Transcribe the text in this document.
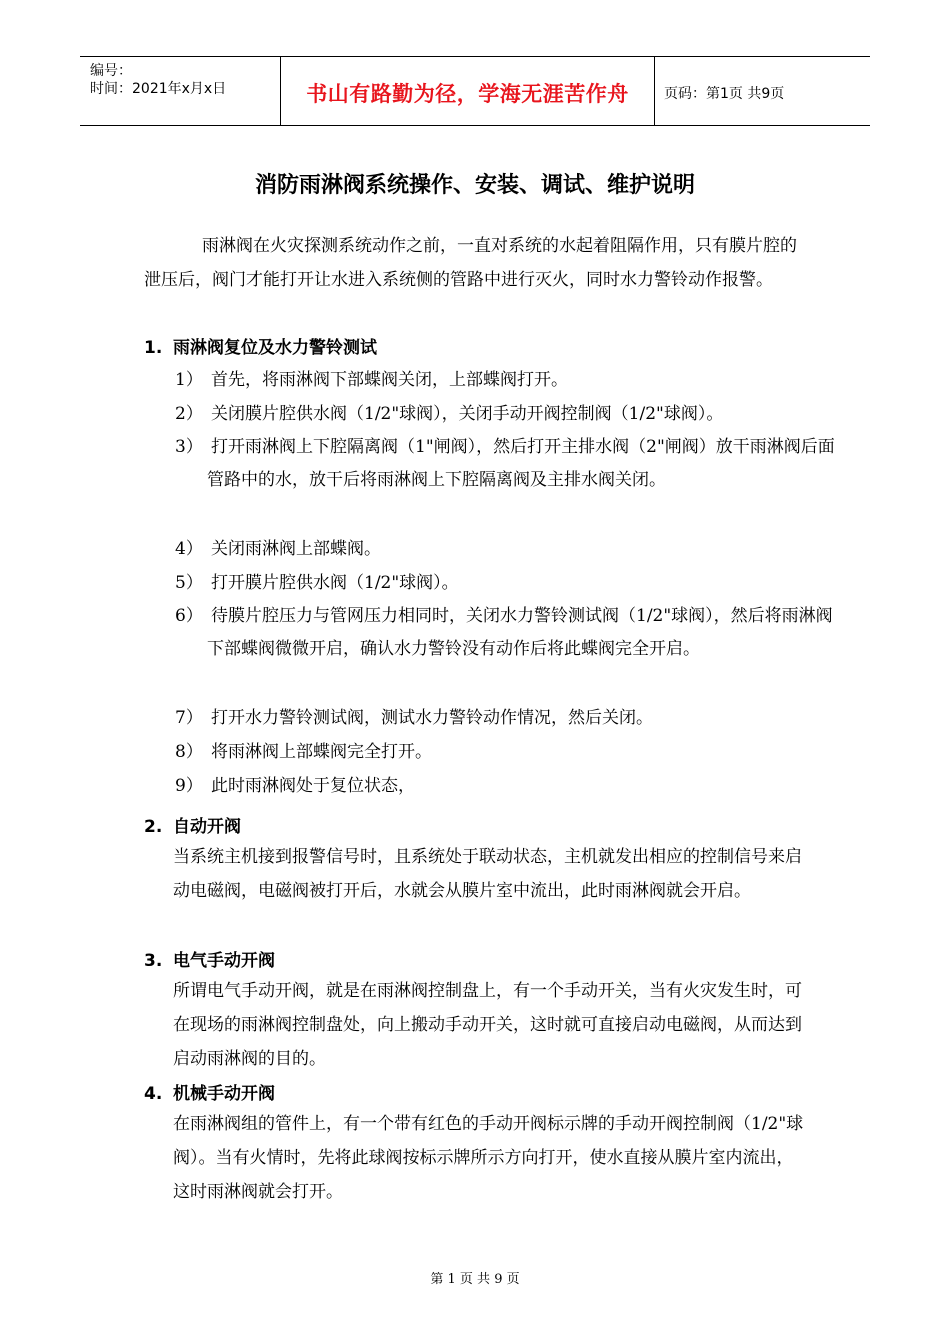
编号：
时间：2021年x月x日	书山有路勤为径，学海无涯苦作舟	页码：第1页 共9页
消防雨淋阀系统操作、安装、调试、维护说明
雨淋阀在火灾探测系统动作之前，一直对系统的水起着阻隔作用，只有膜片腔的泄压后，阀门才能打开让水进入系统侧的管路中进行灭火，同时水力警铃动作报警。
1. 雨淋阀复位及水力警铃测试
1） 首先，将雨淋阀下部蝶阀关闭，上部蝶阀打开。
2） 关闭膜片腔供水阀（1/2"球阀），关闭手动开阀控制阀（1/2"球阀）。
3） 打开雨淋阀上下腔隔离阀（1"闸阀），然后打开主排水阀（2"闸阀）放干雨淋阀后面管路中的水，放干后将雨淋阀上下腔隔离阀及主排水阀关闭。
4） 关闭雨淋阀上部蝶阀。
5） 打开膜片腔供水阀（1/2"球阀）。
6） 待膜片腔压力与管网压力相同时，关闭水力警铃测试阀（1/2"球阀），然后将雨淋阀下部蝶阀微微开启，确认水力警铃没有动作后将此蝶阀完全开启。
7） 打开水力警铃测试阀，测试水力警铃动作情况，然后关闭。
8） 将雨淋阀上部蝶阀完全打开。
9） 此时雨淋阀处于复位状态，
2. 自动开阀
当系统主机接到报警信号时，且系统处于联动状态，主机就发出相应的控制信号来启动电磁阀，电磁阀被打开后，水就会从膜片室中流出，此时雨淋阀就会开启。
3. 电气手动开阀
所谓电气手动开阀，就是在雨淋阀控制盘上，有一个手动开关，当有火灾发生时，可在现场的雨淋阀控制盘处，向上搬动手动开关，这时就可直接启动电磁阀，从而达到启动雨淋阀的目的。
4. 机械手动开阀
在雨淋阀组的管件上，有一个带有红色的手动开阀标示牌的手动开阀控制阀（1/2"球阀）。当有火情时，先将此球阀按标示牌所示方向打开，使水直接从膜片室内流出，这时雨淋阀就会打开。
第 1 页 共 9 页
